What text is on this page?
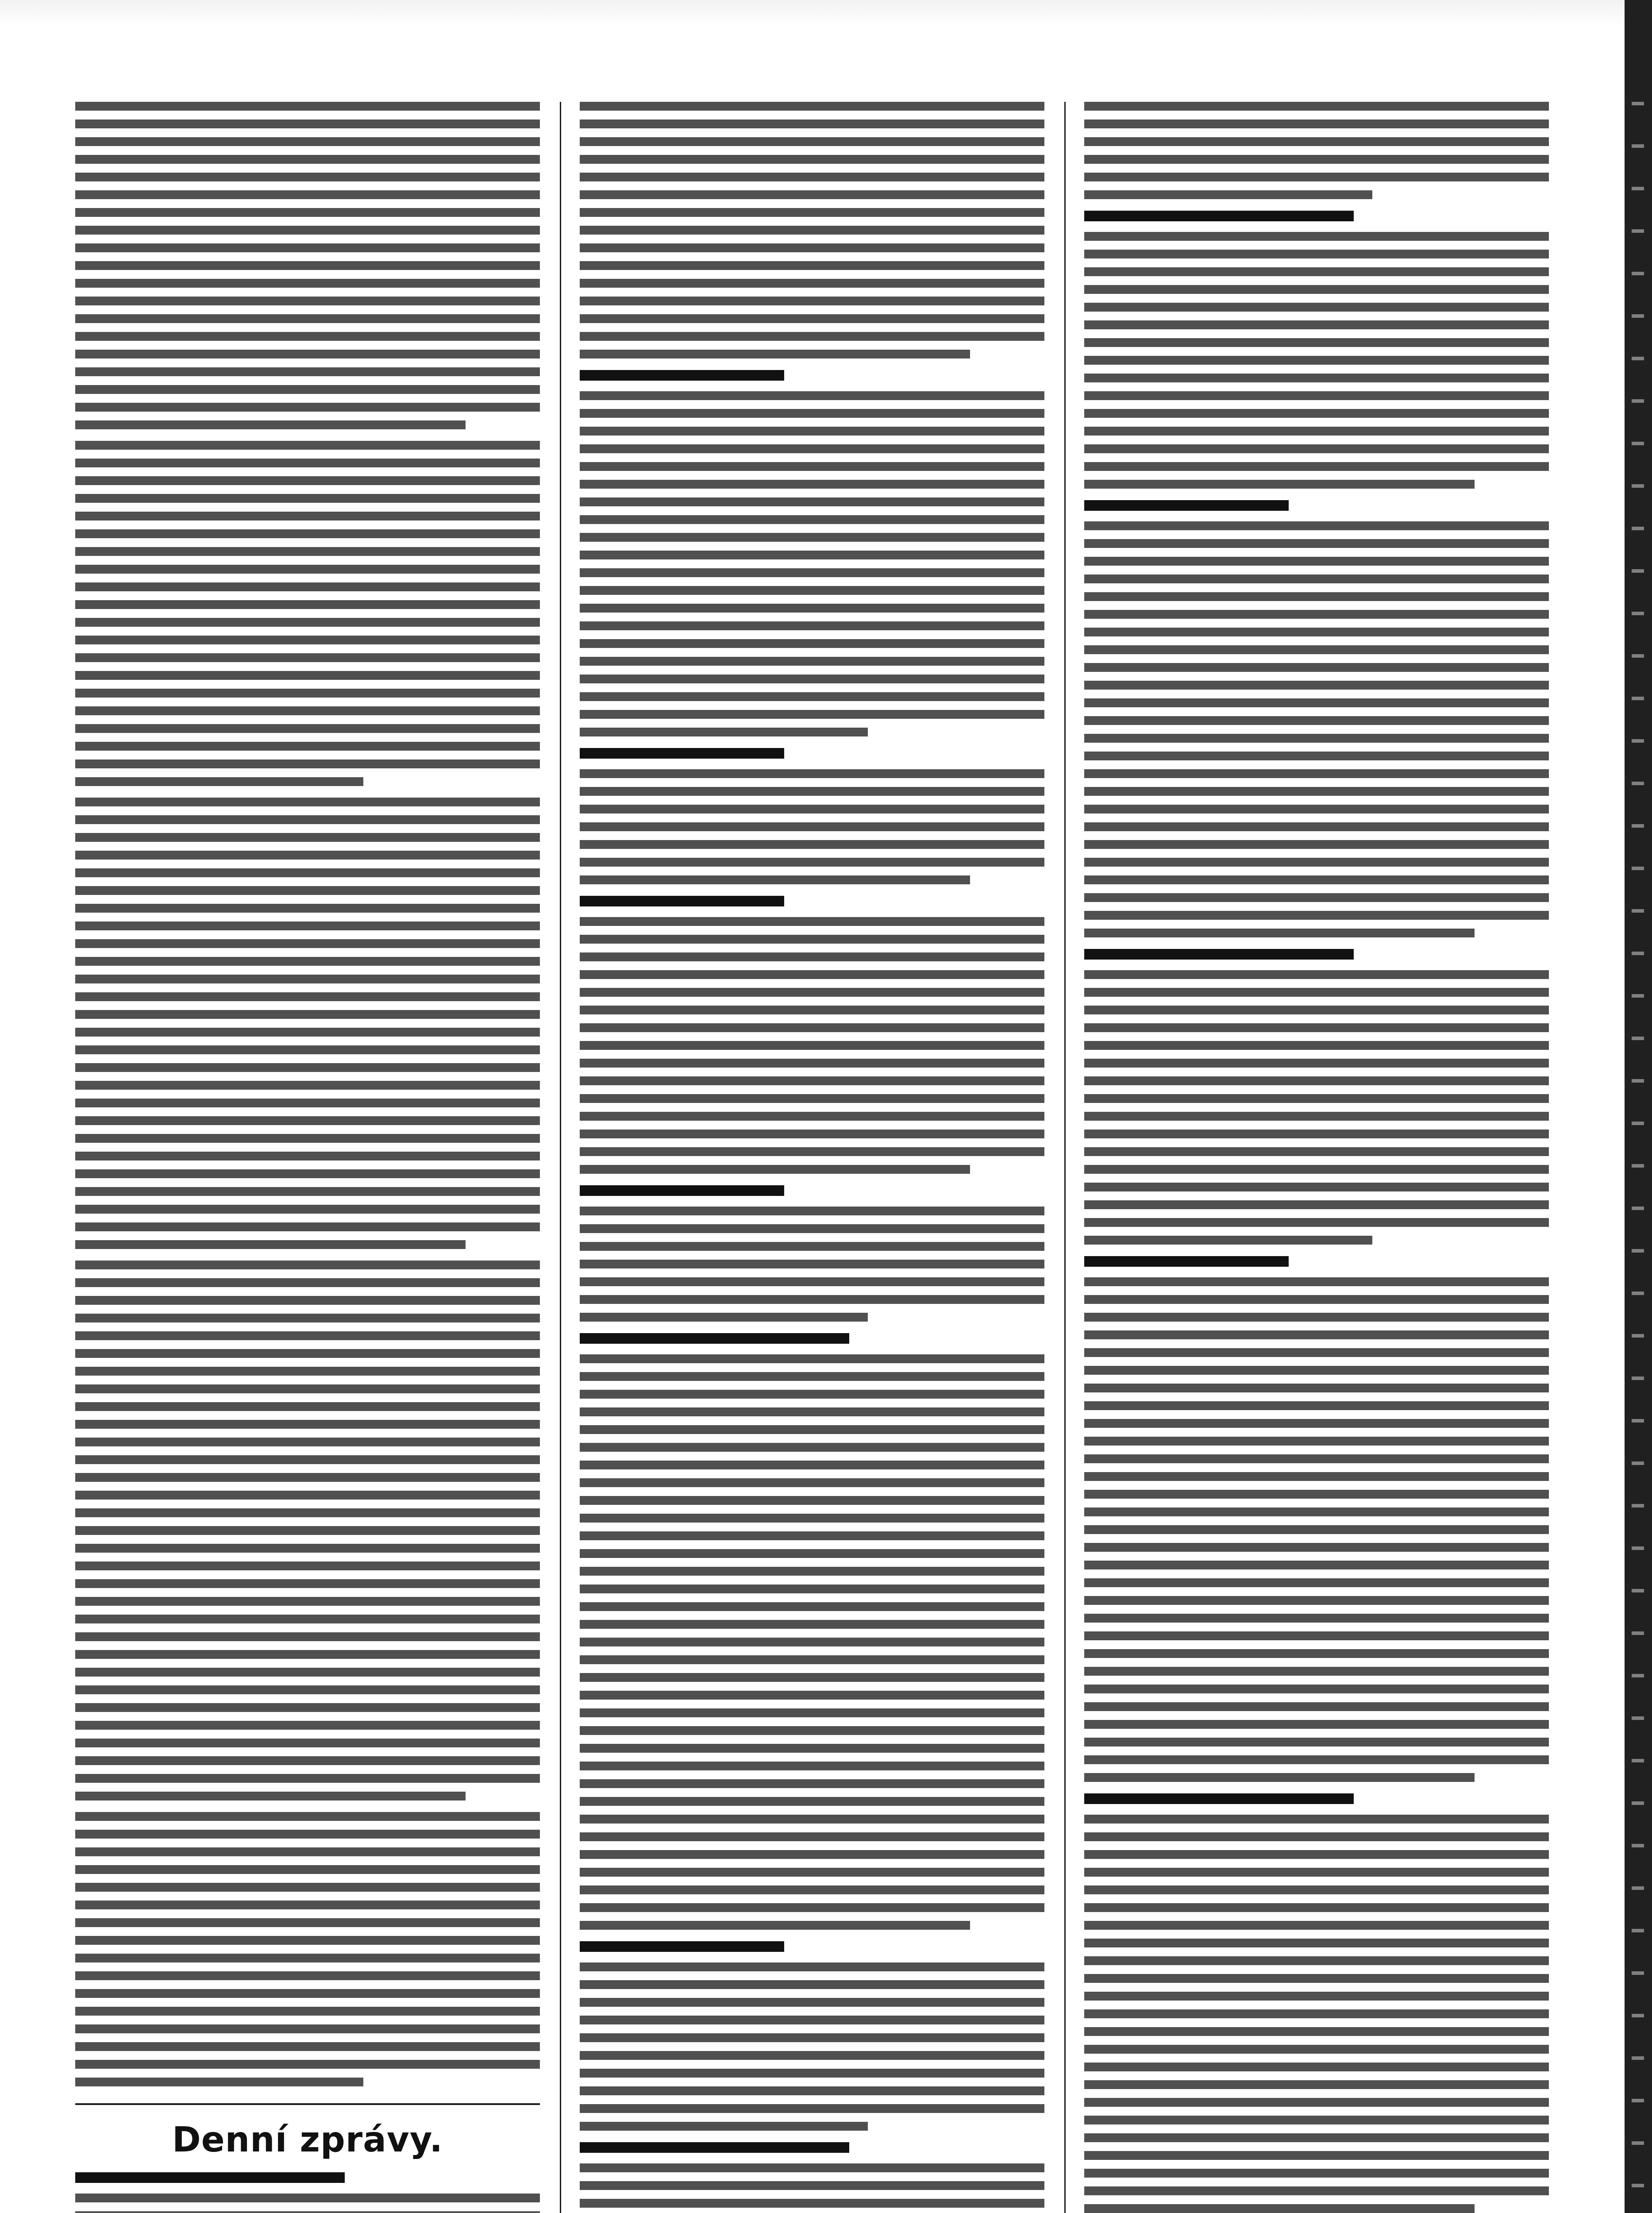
Denní zprávy.
